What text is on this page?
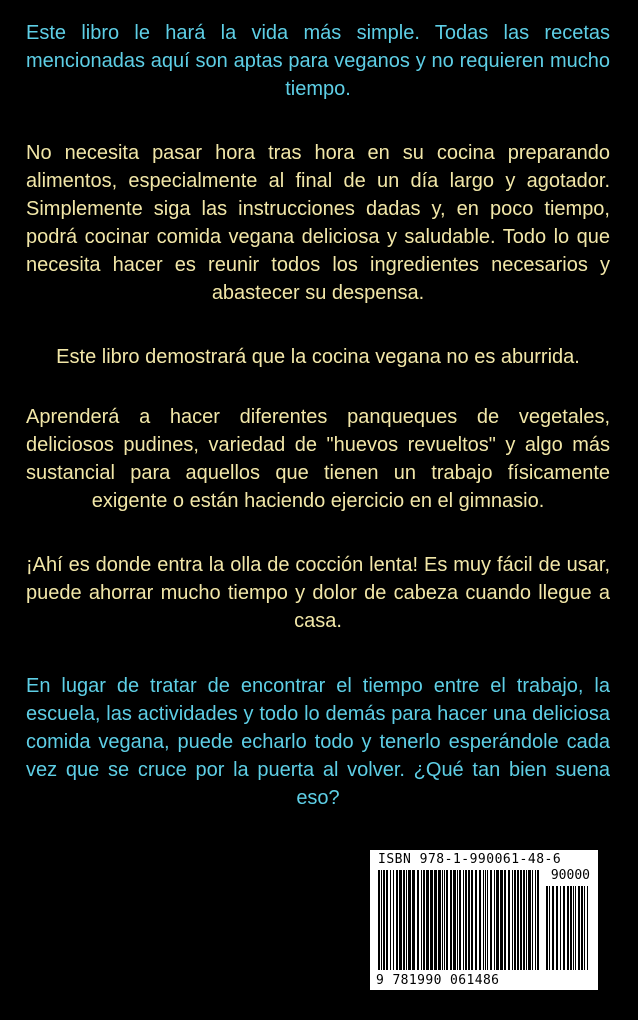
Este libro le hará la vida más simple. Todas las recetas mencionadas aquí son aptas para veganos y no requieren mucho tiempo.

No necesita pasar hora tras hora en su cocina preparando alimentos, especialmente al final de un día largo y agotador. Simplemente siga las instrucciones dadas y, en poco tiempo, podrá cocinar comida vegana deliciosa y saludable. Todo lo que necesita hacer es reunir todos los ingredientes necesarios y abastecer su despensa.

Este libro demostrará que la cocina vegana no es aburrida.

Aprenderá a hacer diferentes panqueques de vegetales, deliciosos pudines, variedad de "huevos revueltos" y algo más sustancial para aquellos que tienen un trabajo físicamente exigente o están haciendo ejercicio en el gimnasio.

¡Ahí es donde entra la olla de cocción lenta! Es muy fácil de usar, puede ahorrar mucho tiempo y dolor de cabeza cuando llegue a casa.

En lugar de tratar de encontrar el tiempo entre el trabajo, la escuela, las actividades y todo lo demás para hacer una deliciosa comida vegana, puede echarlo todo y tenerlo esperándole cada vez que se cruce por la puerta al volver. ¿Qué tan bien suena eso?

ISBN 978-1-990061-48-6
90000
9 781990 061486
